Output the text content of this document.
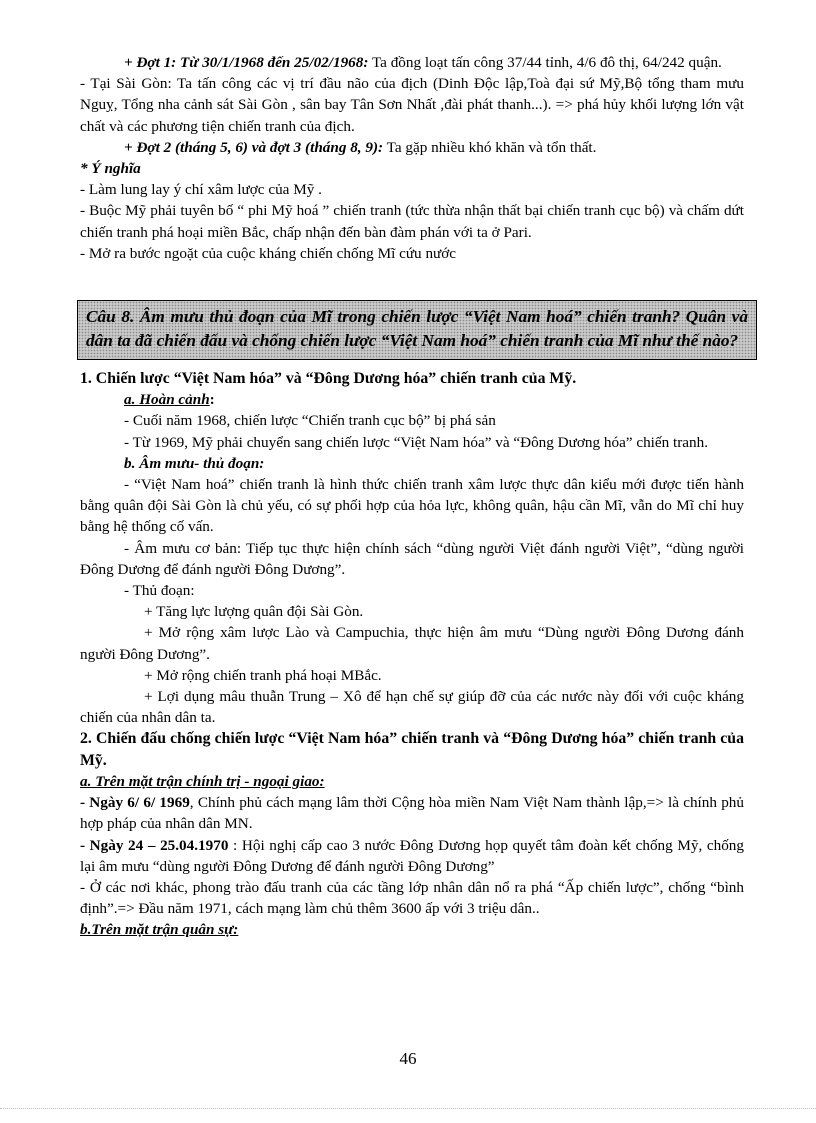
+ Đợt 1: Từ 30/1/1968 đến 25/02/1968: Ta đồng loạt tấn công 37/44 tỉnh, 4/6 đô thị, 64/242 quận.

- Tại Sài Gòn: Ta tấn công các vị trí đầu não của địch (Dinh Độc lập,Toà đại sứ Mỹ,Bộ tổng tham mưu Nguỵ, Tổng nha cảnh sát Sài Gòn , sân bay Tân Sơn Nhất ,đài phát thanh...). => phá hủy khối lượng lớn vật chất và các phương tiện chiến tranh của địch.

+ Đợt 2 (tháng 5, 6) và đợt 3 (tháng 8, 9): Ta gặp nhiều khó khăn và tổn thất.

* Ý nghĩa

- Làm lung lay ý chí xâm lược của Mỹ .

- Buộc Mỹ phải tuyên bố “ phi Mỹ hoá ” chiến tranh (tức thừa nhận thất bại chiến tranh cục bộ) và chấm dứt chiến tranh phá hoại miền Bắc, chấp nhận đến bàn đàm phán với ta ở Pari.

- Mở ra bước ngoặt của cuộc kháng chiến chống Mĩ cứu nước

Câu 8. Âm mưu thủ đoạn của Mĩ trong chiến lược “Việt Nam hoá” chiến tranh? Quân và dân ta đã chiến đấu và chống chiến lược “Việt Nam hoá” chiến tranh của Mĩ như thế nào?

1. Chiến lược “Việt Nam hóa” và “Đông Dương hóa” chiến tranh của Mỹ.

a. Hoàn cảnh:

- Cuối năm 1968, chiến lược “Chiến tranh cục bộ” bị phá sản

- Từ 1969, Mỹ phải chuyển sang chiến lược “Việt Nam hóa” và “Đông Dương hóa” chiến tranh.

b. Âm mưu- thủ đoạn:

- “Việt Nam hoá” chiến tranh là hình thức chiến tranh xâm lược thực dân kiểu mới được tiến hành bằng quân đội Sài Gòn là chủ yếu, có sự phối hợp của hỏa lực, không quân, hậu cần Mĩ, vẫn do Mĩ chỉ huy bằng hệ thống cố vấn.

- Âm mưu cơ bản: Tiếp tục thực hiện chính sách “dùng người Việt đánh người Việt”, “dùng người Đông Dương để đánh người Đông Dương”.

- Thủ đoạn:

+ Tăng lực lượng quân đội Sài Gòn.

+ Mở rộng xâm lược Lào và Campuchia, thực hiện âm mưu “Dùng người Đông Dương đánh người Đông Dương”.

+ Mở rộng chiến tranh phá hoại MBắc.

+ Lợi dụng mâu thuẫn Trung – Xô để hạn chế sự giúp đỡ của các nước này đối với cuộc kháng chiến của nhân dân ta.

2. Chiến đấu chống chiến lược “Việt Nam hóa” chiến tranh và “Đông Dương hóa” chiến tranh của Mỹ.

a. Trên mặt trận chính trị - ngoại giao:

- Ngày 6/ 6/ 1969, Chính phủ cách mạng lâm thời Cộng hòa miền Nam Việt Nam thành lập,=> là chính phủ hợp pháp của nhân dân MN.

- Ngày 24 – 25.04.1970 : Hội nghị cấp cao 3 nước Đông Dương họp quyết tâm đoàn kết chống Mỹ, chống lại âm mưu “dùng người Đông Dương để đánh người Đông Dương”

- Ở các nơi khác, phong trào đấu tranh của các tầng lớp nhân dân nổ ra phá “Ấp chiến lược”, chống “bình định”.=> Đầu năm 1971, cách mạng làm chủ thêm 3600 ấp với 3 triệu dân..

b.Trên mặt trận quân sự:

46
